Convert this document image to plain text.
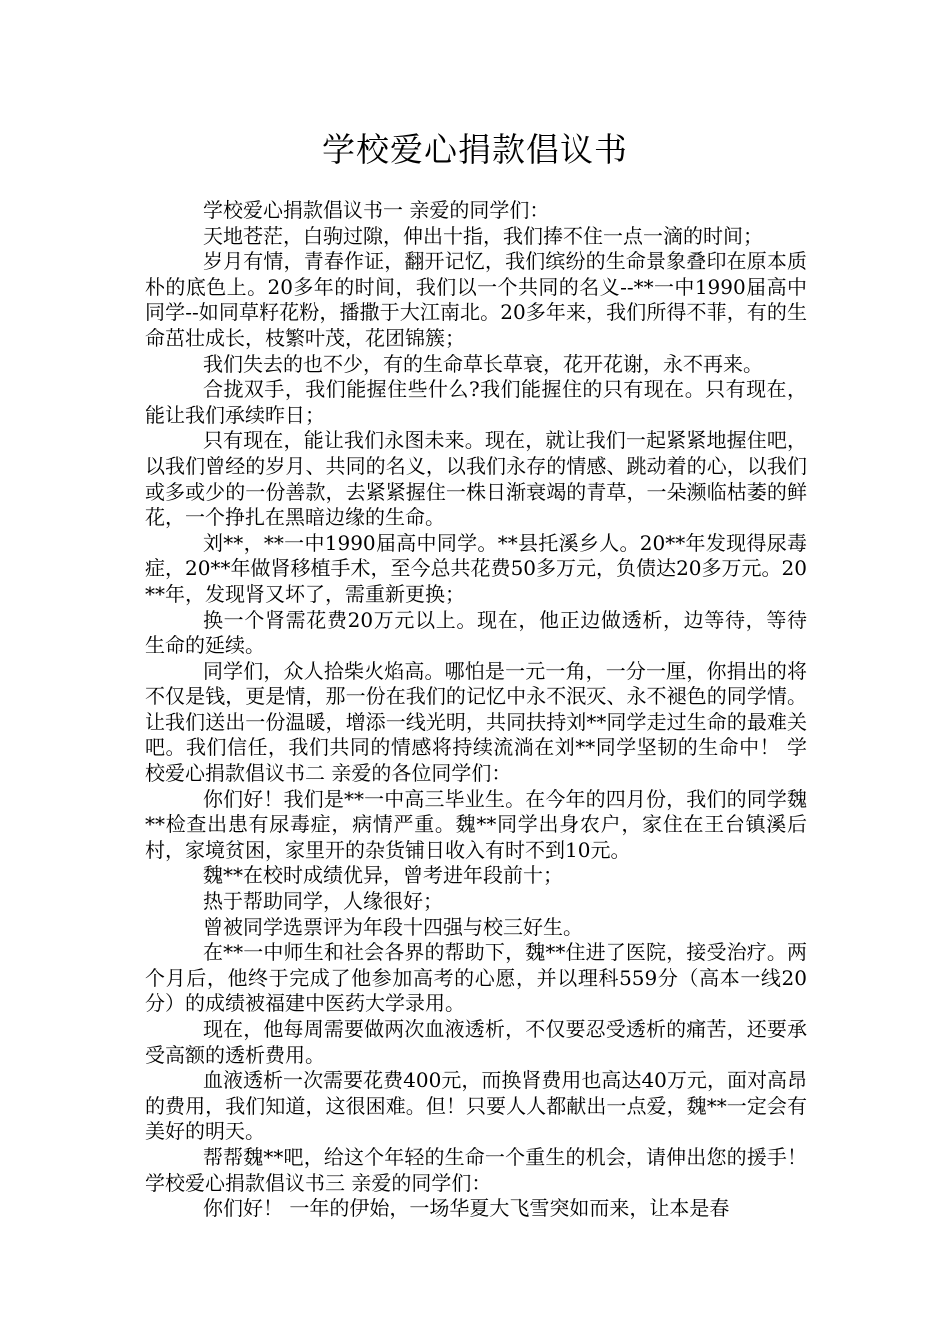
学校爱心捐款倡议书

学校爱心捐款倡议书一 亲爱的同学们：

天地苍茫，白驹过隙，伸出十指，我们捧不住一点一滴的时间；

岁月有情，青春作证，翻开记忆，我们缤纷的生命景象叠印在原本质朴的底色上。20多年的时间，我们以一个共同的名义--**一中1990届高中同学--如同草籽花粉，播撒于大江南北。20多年来，我们所得不菲，有的生命茁壮成长，枝繁叶茂，花团锦簇；

我们失去的也不少，有的生命草长草衰，花开花谢，永不再来。

合拢双手，我们能握住些什么?我们能握住的只有现在。只有现在，能让我们承续昨日；

只有现在，能让我们永图未来。现在，就让我们一起紧紧地握住吧，以我们曾经的岁月、共同的名义，以我们永存的情感、跳动着的心，以我们或多或少的一份善款，去紧紧握住一株日渐衰竭的青草，一朵濒临枯萎的鲜花，一个挣扎在黑暗边缘的生命。

刘**，**一中1990届高中同学。**县托溪乡人。20**年发现得尿毒症，20**年做肾移植手术，至今总共花费50多万元，负债达20多万元。20**年，发现肾又坏了，需重新更换；

换一个肾需花费20万元以上。现在，他正边做透析，边等待，等待生命的延续。

同学们，众人拾柴火焰高。哪怕是一元一角，一分一厘，你捐出的将不仅是钱，更是情，那一份在我们的记忆中永不泯灭、永不褪色的同学情。让我们送出一份温暖，增添一线光明，共同扶持刘**同学走过生命的最难关吧。我们信任，我们共同的情感将持续流淌在刘**同学坚韧的生命中！ 学校爱心捐款倡议书二 亲爱的各位同学们：

你们好！我们是**一中高三毕业生。在今年的四月份，我们的同学魏**检查出患有尿毒症，病情严重。魏**同学出身农户，家住在王台镇溪后村，家境贫困，家里开的杂货铺日收入有时不到10元。

魏**在校时成绩优异，曾考进年段前十；

热于帮助同学，人缘很好；

曾被同学选票评为年段十四强与校三好生。

在**一中师生和社会各界的帮助下，魏**住进了医院，接受治疗。两个月后，他终于完成了他参加高考的心愿，并以理科559分（高本一线20分）的成绩被福建中医药大学录用。

现在，他每周需要做两次血液透析，不仅要忍受透析的痛苦，还要承受高额的透析费用。

血液透析一次需要花费400元，而换肾费用也高达40万元，面对高昂的费用，我们知道，这很困难。但！只要人人都献出一点爱，魏**一定会有美好的明天。

帮帮魏**吧，给这个年轻的生命一个重生的机会，请伸出您的援手！ 学校爱心捐款倡议书三 亲爱的同学们：

你们好！ 一年的伊始，一场华夏大飞雪突如而来，让本是春
